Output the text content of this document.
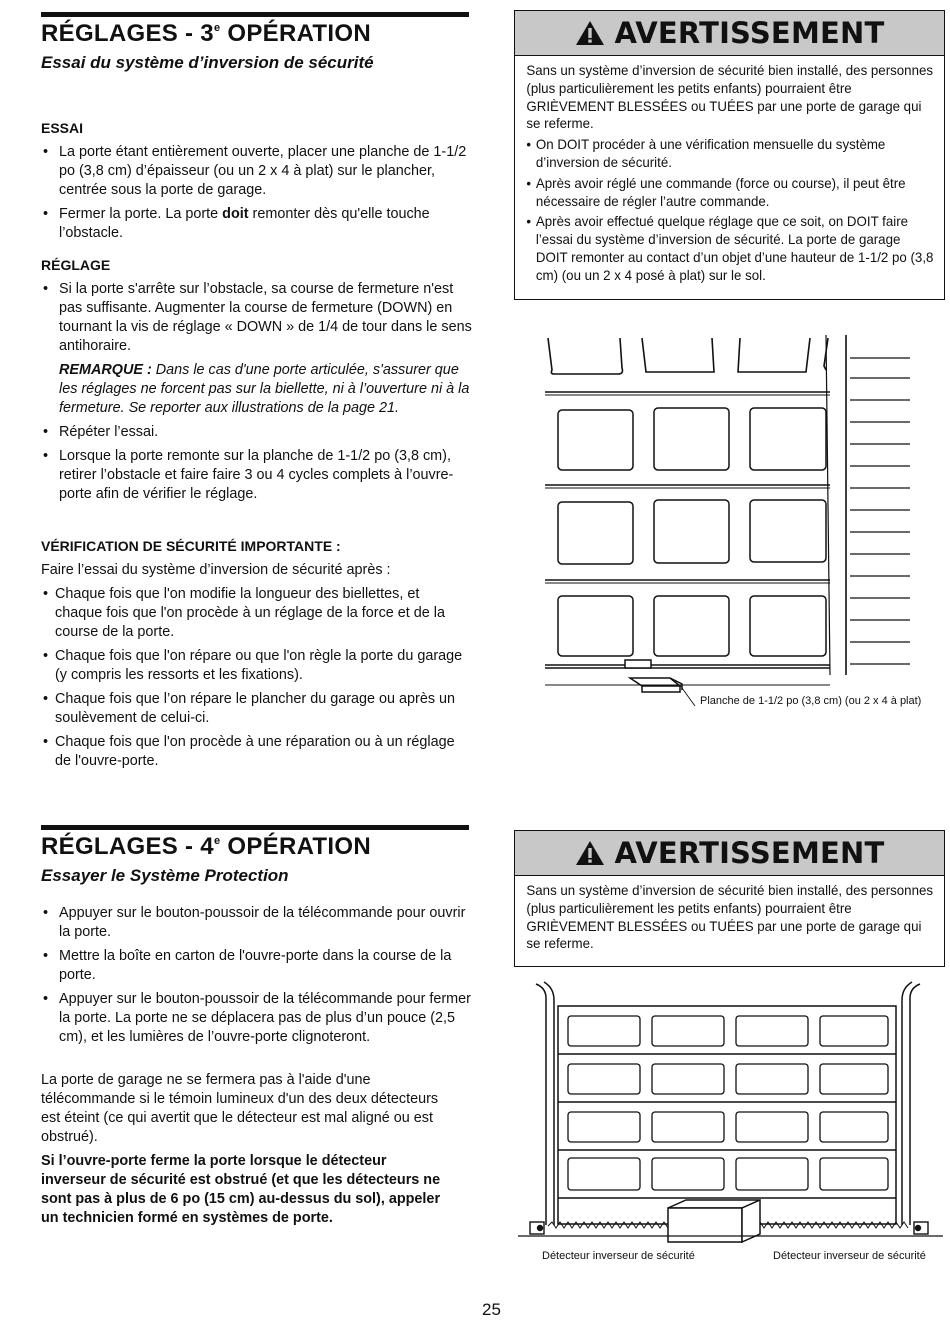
RÉGLAGES - 3e OPÉRATION
Essai du système d’inversion de sécurité
ESSAI
• La porte étant entièrement ouverte, placer une planche de 1-1/2 po (3,8 cm) d’épaisseur (ou un 2 x 4 à plat) sur le plancher, centrée sous la porte de garage.
• Fermer la porte. La porte doit remonter dès qu'elle touche l’obstacle.
RÉGLAGE
• Si la porte s'arrête sur l’obstacle, sa course de fermeture n'est pas suffisante. Augmenter la course de fermeture (DOWN) en tournant la vis de réglage « DOWN » de 1/4 de tour dans le sens antihoraire.
REMARQUE : Dans le cas d'une porte articulée, s'assurer que les réglages ne forcent pas sur la biellette, ni à l’ouverture ni à la fermeture. Se reporter aux illustrations de la page 21.
• Répéter l’essai.
• Lorsque la porte remonte sur la planche de 1-1/2 po (3,8 cm), retirer l’obstacle et faire faire 3 ou 4 cycles complets à l’ouvre-porte afin de vérifier le réglage.
VÉRIFICATION DE SÉCURITÉ IMPORTANTE :
Faire l’essai du système d’inversion de sécurité après :
• Chaque fois que l'on modifie la longueur des biellettes, et chaque fois que l'on procède à un réglage de la force et de la course de la porte.
• Chaque fois que l'on répare ou que l'on règle la porte du garage (y compris les ressorts et les fixations).
• Chaque fois que l’on répare le plancher du garage ou après un soulèvement de celui-ci.
• Chaque fois que l'on procède à une réparation ou à un réglage de l'ouvre-porte.
AVERTISSEMENT

Sans un système d’inversion de sécurité bien installé, des personnes (plus particulièrement les petits enfants) pourraient être GRIÈVEMENT BLESSÉES ou TUÉES par une porte de garage qui se referme.

• On DOIT procéder à une vérification mensuelle du système d’inversion de sécurité.
• Après avoir réglé une commande (force ou course), il peut être nécessaire de régler l’autre commande.
• Après avoir effectué quelque réglage que ce soit, on DOIT faire l’essai du système d’inversion de sécurité. La porte de garage DOIT remonter au contact d’un objet d’une hauteur de 1-1/2 po (3,8 cm) (ou un 2 x 4 posé à plat) sur le sol.
Planche de 1-1/2 po (3,8 cm) (ou 2 x 4 à plat)
RÉGLAGES - 4e OPÉRATION
Essayer le Système Protection
• Appuyer sur le bouton-poussoir de la télécommande pour ouvrir la porte.
• Mettre la boîte en carton de l'ouvre-porte dans la course de la porte.
• Appuyer sur le bouton-poussoir de la télécommande pour fermer la porte. La porte ne se déplacera pas de plus d’un pouce (2,5 cm), et les lumières de l’ouvre-porte clignoteront.
La porte de garage ne se fermera pas à l'aide d'une télécommande si le témoin lumineux d'un des deux détecteurs est éteint (ce qui avertit que le détecteur est mal aligné ou est obstrué).
Si l’ouvre-porte ferme la porte lorsque le détecteur inverseur de sécurité est obstrué (et que les détecteurs ne sont pas à plus de 6 po (15 cm) au-dessus du sol), appeler un technicien formé en systèmes de porte.
AVERTISSEMENT

Sans un système d’inversion de sécurité bien installé, des personnes (plus particulièrement les petits enfants) pourraient être GRIÈVEMENT BLESSÉES ou TUÉES par une porte de garage qui se referme.

Détecteur inverseur de sécurité	Détecteur inverseur de sécurité
25
